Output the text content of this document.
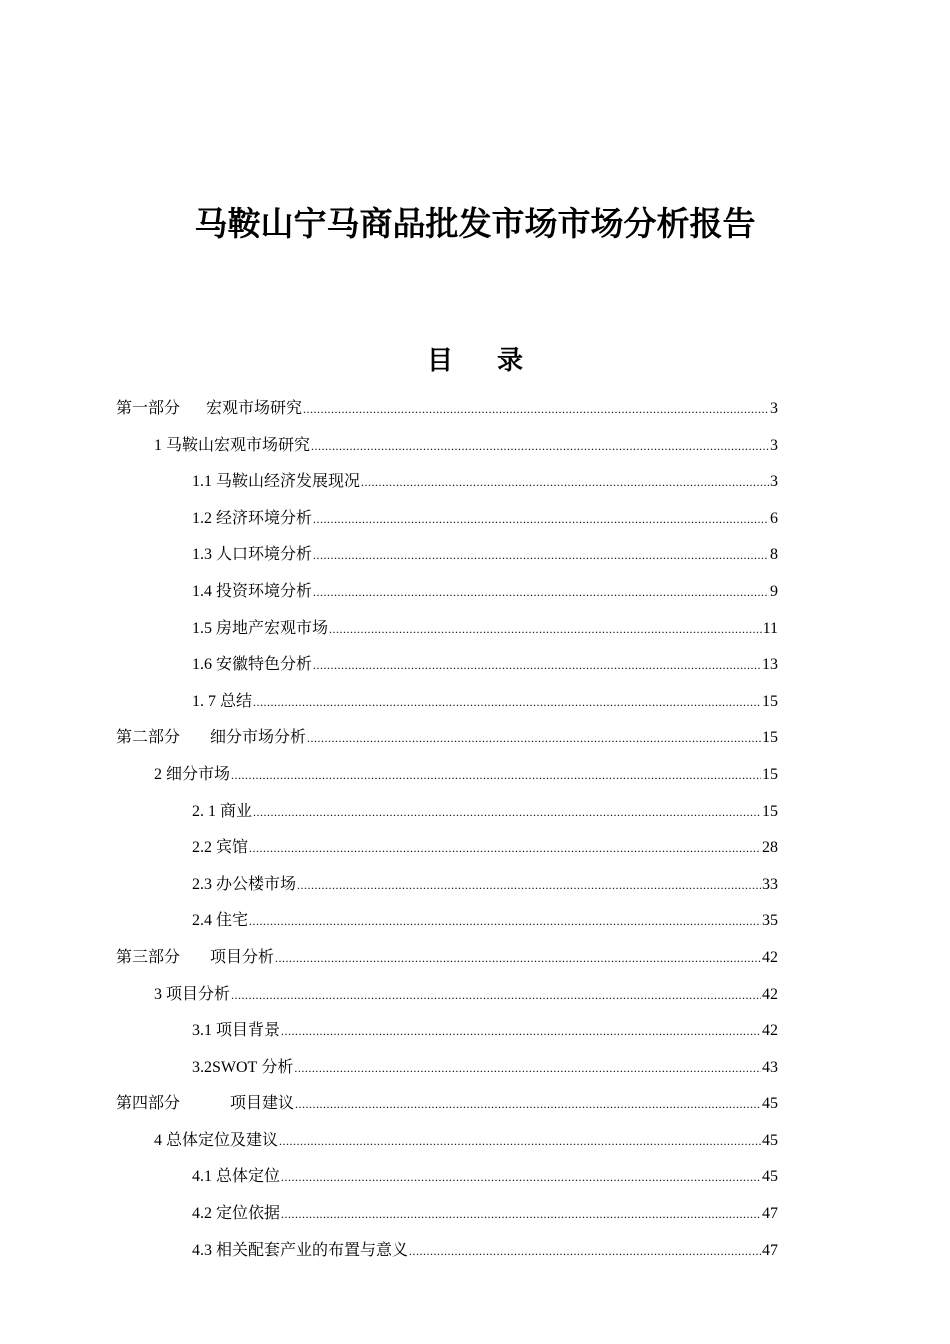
马鞍山宁马商品批发市场市场分析报告
目 录
第一部分 宏观市场研究 .....	3
1 马鞍山宏观市场研究 .....	3
1.1 马鞍山经济发展现况 .....	3
1.2 经济环境分析 .....	6
1.3 人口环境分析 .....	8
1.4 投资环境分析 .....	9
1.5 房地产宏观市场 .....	11
1.6 安徽特色分析 .....	13
1. 7 总结 .....	15
第二部分 细分市场分析 .....	15
2 细分市场 .....	15
2. 1 商业 .....	15
2.2 宾馆 .....	28
2.3 办公楼市场 .....	33
2.4 住宅 .....	35
第三部分 项目分析 .....	42
3 项目分析 .....	42
3.1 项目背景 .....	42
3.2SWOT 分析 .....	43
第四部分	项目建议 .....	45
4 总体定位及建议 .....	45
4.1 总体定位 .....	45
4.2 定位依据 .....	47
4.3 相关配套产业的布置与意义 .....	47
